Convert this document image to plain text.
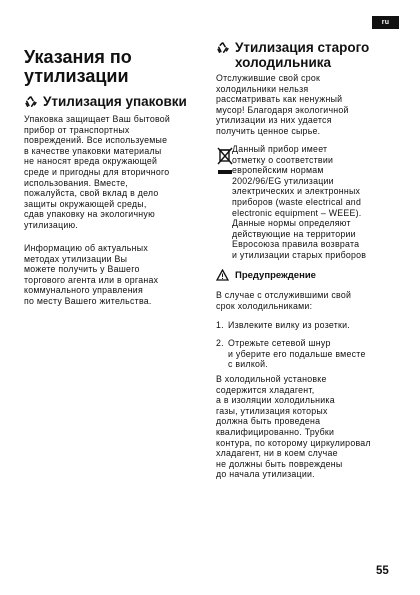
ru
Указания по
утилизации
Утилизация упаковки

Упаковка защищает Ваш бытовой
прибор от транспортных
повреждений. Все используемые
в качестве упаковки материалы
не наносят вреда окружающей
среде и пригодны для вторичного
использования. Вместе,
пожалуйста, свой вклад в дело
защиты окружающей среды,
сдав упаковку на экологичную
утилизацию.

Информацию об актуальных
методах утилизации Вы
можете получить у Вашего
торгового агента или в органах
коммунального управления
по месту Вашего жительства.

Утилизация старого
холодильника

Отслужившие свой срок
холодильники нельзя
рассматривать как ненужный
мусор! Благодаря экологичной
утилизации из них удается
получить ценное сырье.

Данный прибор имеет
отметку о соответствии
европейским нормам
2002/96/EG утилизации
электрических и электронных
приборов (waste electrical and
electronic equipment – WEEE).
Данные нормы определяют
действующие на территории
Евросоюза правила возврата
и утилизации старых приборов

Предупреждение

В случае с отслужившими свой
срок холодильниками:

1. Извлеките вилку из розетки.
2. Отрежьте сетевой шнур
и уберите его подальше вместе
с вилкой.

В холодильной установке
содержится хладагент,
а в изоляции холодильника
газы, утилизация которых
должна быть проведена
квалифицированно. Трубки
контура, по которому циркулировал
хладагент, ни в коем случае
не должны быть повреждены
до начала утилизации.

55
